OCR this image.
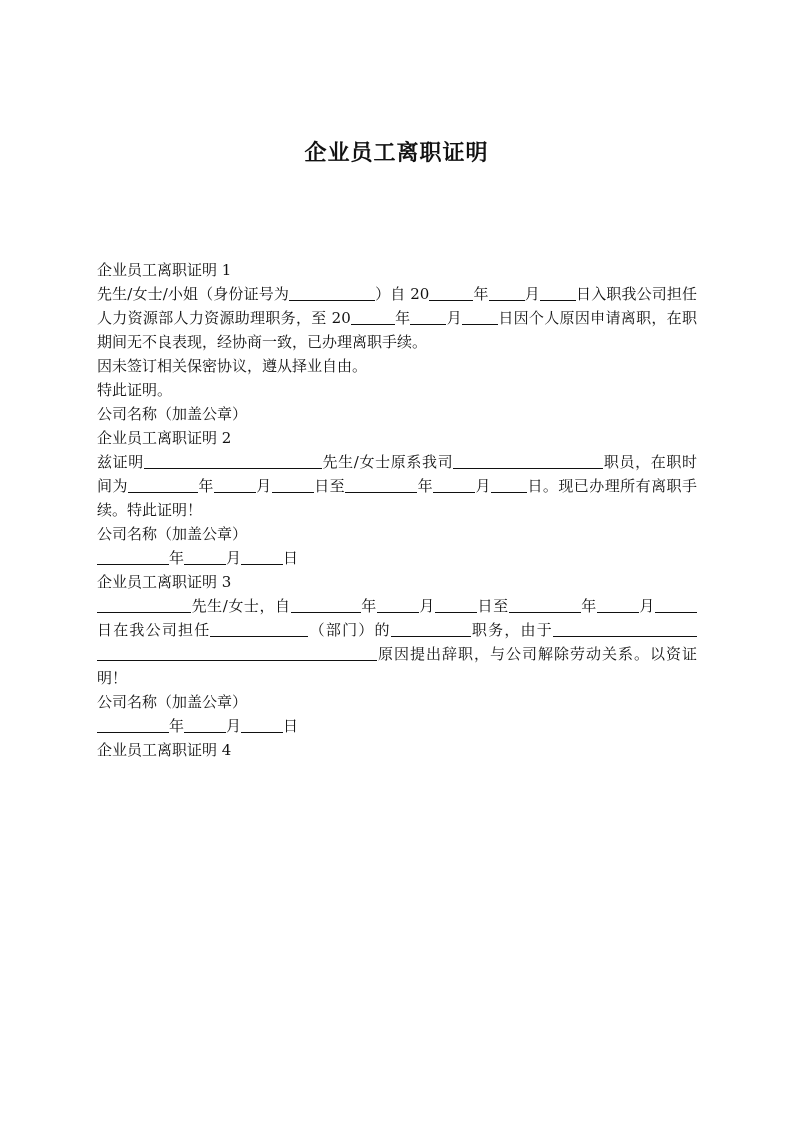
企业员工离职证明

企业员工离职证明 1

先生/女士/小姐（身份证号为	）自 20	年 月 日入职我公司担任人力资源部人力资源助理职务，至 20	年 月 日因个人原因申请离职，在职期间无不良表现，经协商一致，已办理离职手续。

因未签订相关保密协议，遵从择业自由。

特此证明。

公司名称（加盖公章）

企业员工离职证明 2

兹证明	先生/女士原系我司	职员，在职时间为	年	月	日至	年	月 日。现已办理所有离职手续。特此证明！

公司名称（加盖公章）

年	月	日

企业员工离职证明 3

先生/女士，自	年	月	日至	年	月日在我公司担任	（部门）的	职务，由于原因提出辞职，与公司解除劳动关系。以资证明！

公司名称（加盖公章）

年	月	日

企业员工离职证明 4
